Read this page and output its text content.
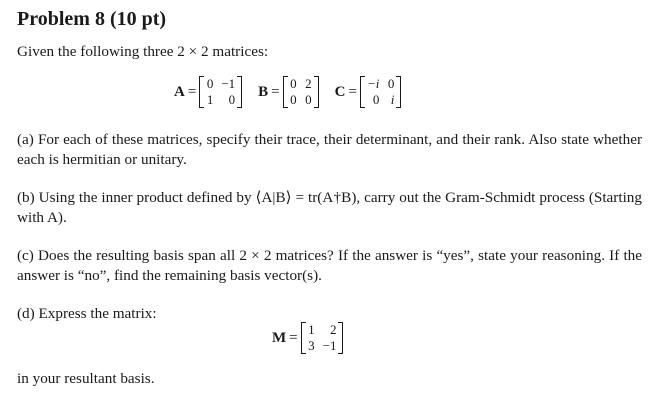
Problem 8 (10 pt)
Given the following three 2 × 2 matrices:
A = 0 −1
1	0 B = 0 2
0 0 C = −i 0
0 i
(a) For each of these matrices, specify their trace, their determinant, and their rank. Also state whether each is hermitian or unitary.
(b) Using the inner product defined by ⟨A|B⟩ = tr(A†B), carry out the Gram-Schmidt process (Starting with A).
(c) Does the resulting basis span all 2 × 2 matrices? If the answer is “yes”, state your reasoning. If the answer is “no”, find the remaining basis vector(s).
(d) Express the matrix:
M = 1	2
3 −1
in your resultant basis.
